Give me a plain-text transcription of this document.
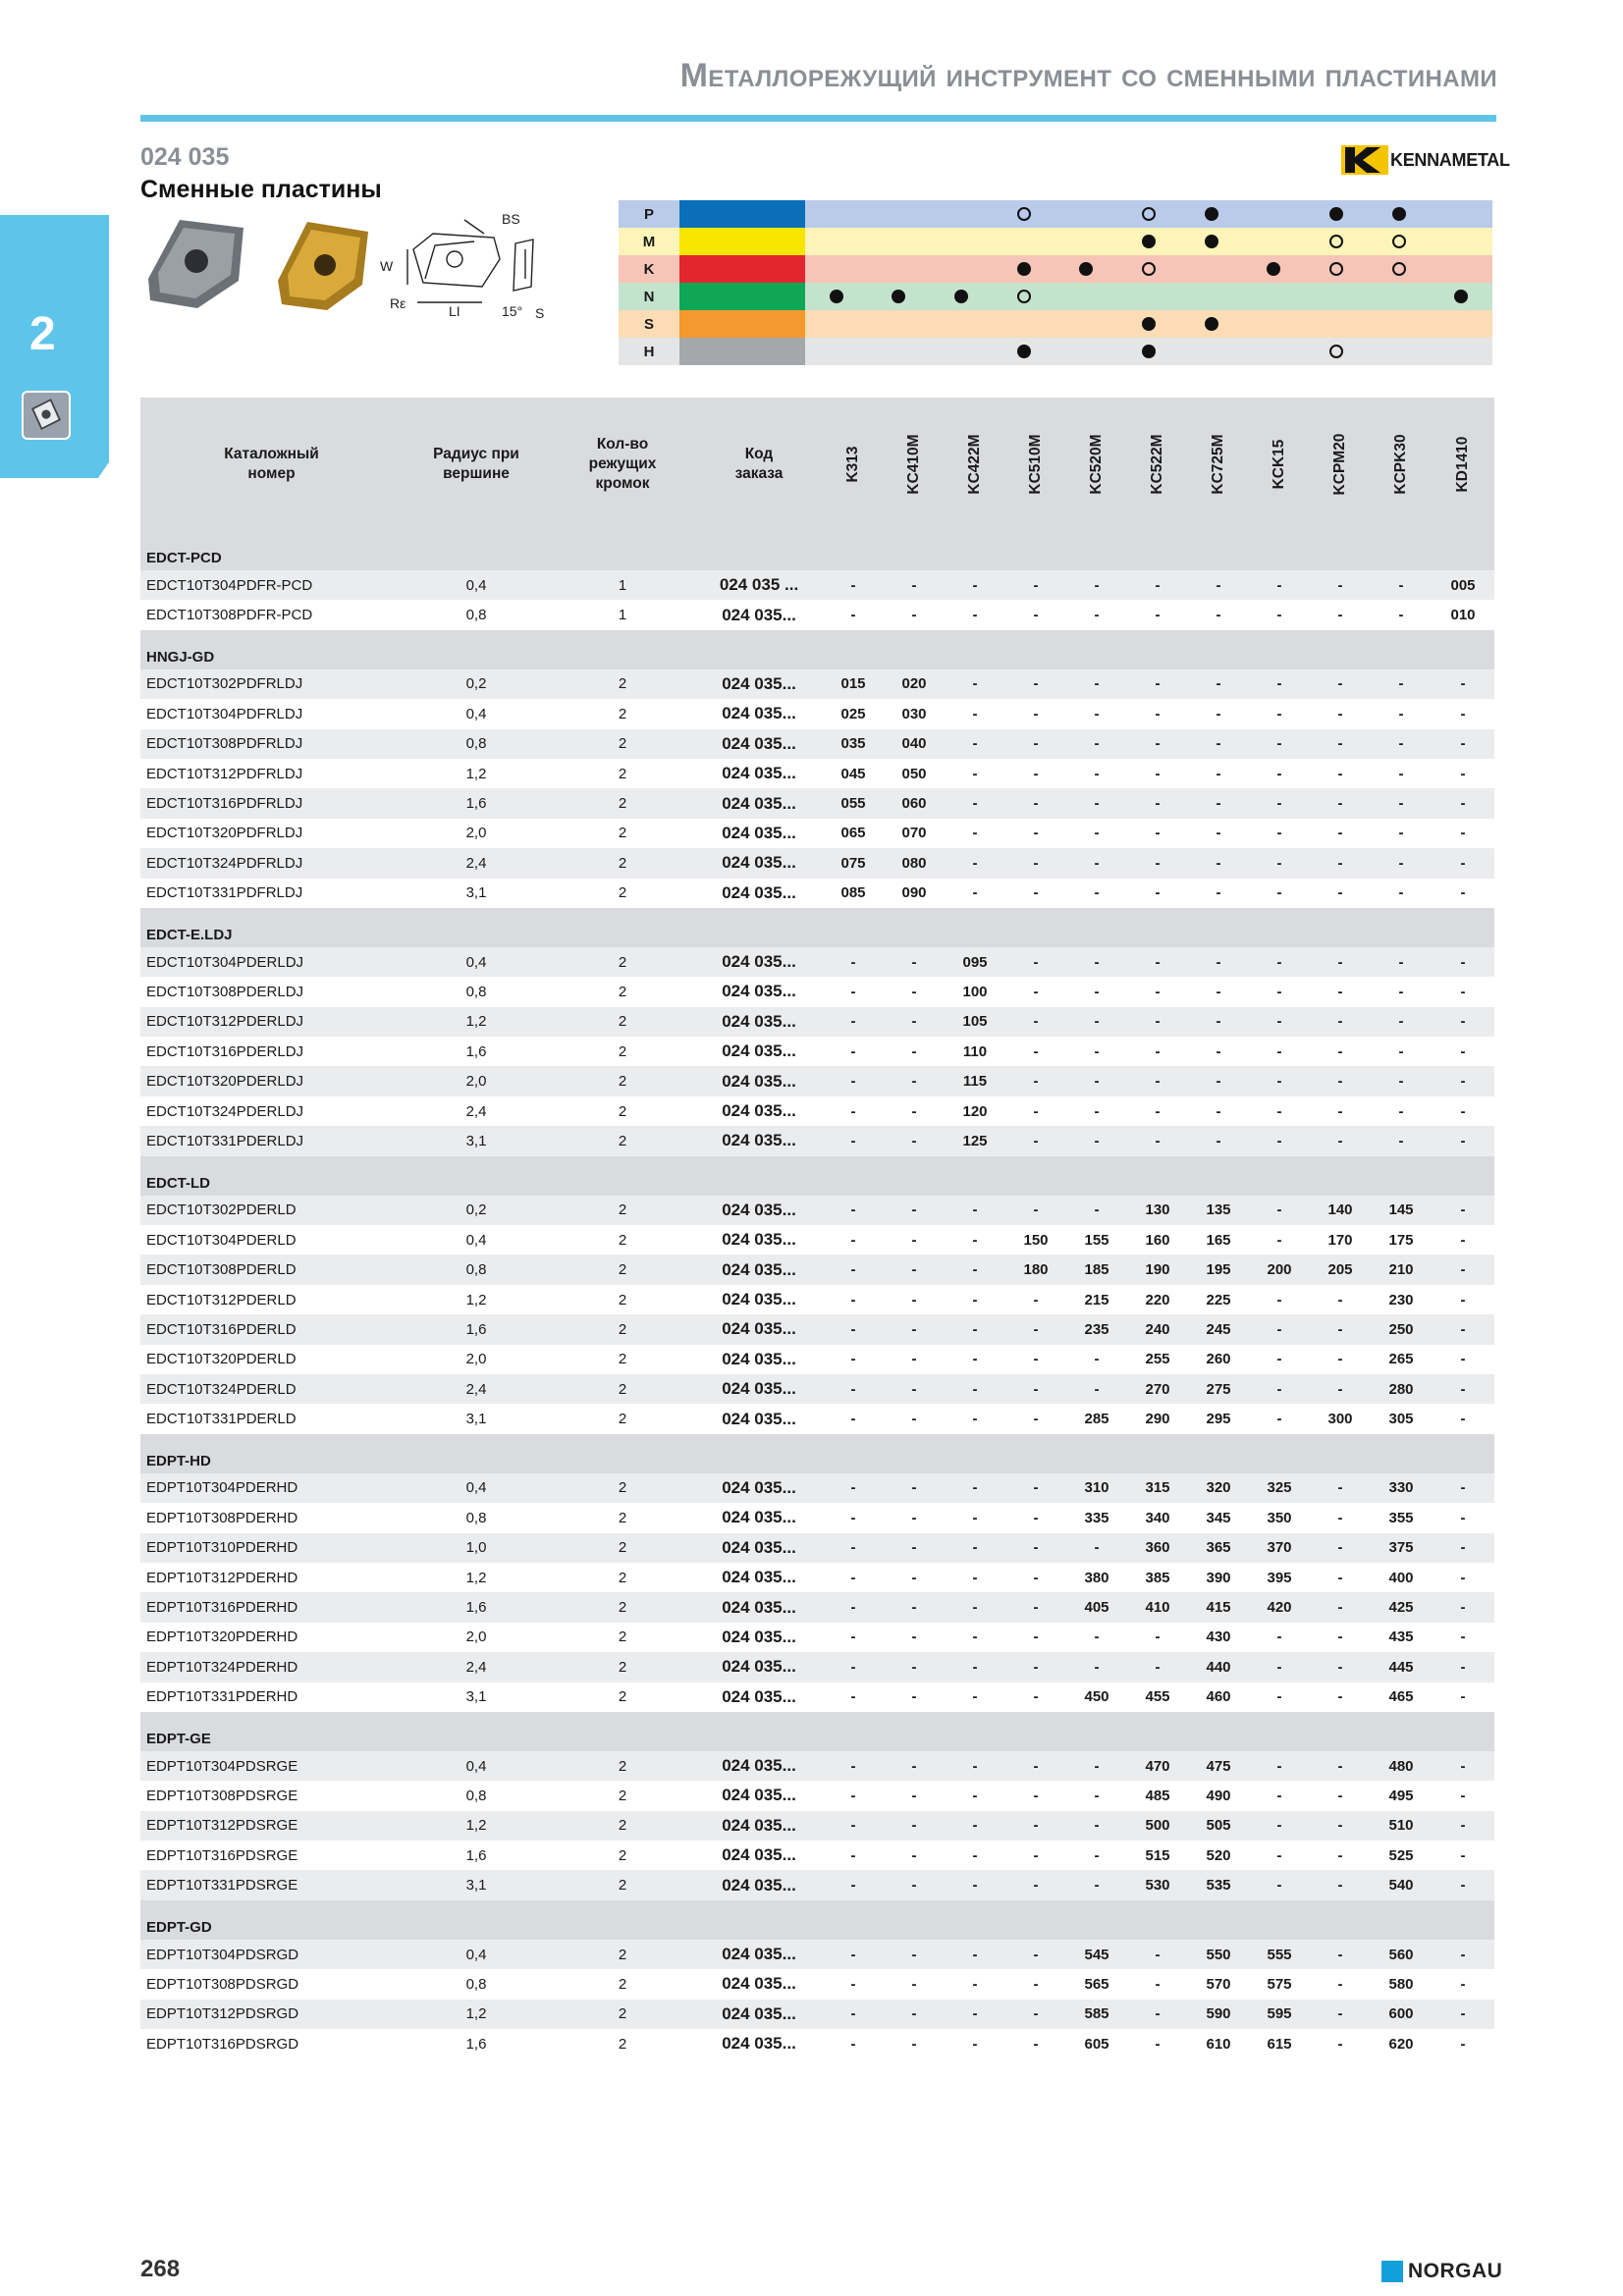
Металлорежущий инструмент со сменными пластинами
024 035
Сменные пластины
KENNAMETAL
2
BS
W
Rε	LI	15° S
P
M
K
N
S
H
Каталожный номер	Радиус при вершине	Кол-во режущих кромок	Код заказа	K313	KC410M	KC422M	KC510M	KC520M	KC522M	KC725M	KCK15	KCPM20	KCPK30	KD1410

EDCT-PCD														
EDCT10T304PDFR-PCD	0,4	1	024 035 ...	-	-	-	-	-	-	-	-	-	-	005
EDCT10T308PDFR-PCD	0,8	1	024 035...	-	-	-	-	-	-	-	-	-	-	010
HNGJ-GD														
EDCT10T302PDFRLDJ	0,2	2	024 035...	015	020	-	-	-	-	-	-	-	-	-
EDCT10T304PDFRLDJ	0,4	2	024 035...	025	030	-	-	-	-	-	-	-	-	-
EDCT10T308PDFRLDJ	0,8	2	024 035...	035	040	-	-	-	-	-	-	-	-	-
EDCT10T312PDFRLDJ	1,2	2	024 035...	045	050	-	-	-	-	-	-	-	-	-
EDCT10T316PDFRLDJ	1,6	2	024 035...	055	060	-	-	-	-	-	-	-	-	-
EDCT10T320PDFRLDJ	2,0	2	024 035...	065	070	-	-	-	-	-	-	-	-	-
EDCT10T324PDFRLDJ	2,4	2	024 035...	075	080	-	-	-	-	-	-	-	-	-
EDCT10T331PDFRLDJ	3,1	2	024 035...	085	090	-	-	-	-	-	-	-	-	-
EDCT-E.LDJ														
EDCT10T304PDERLDJ	0,4	2	024 035...	-	-	095	-	-	-	-	-	-	-	-
EDCT10T308PDERLDJ	0,8	2	024 035...	-	-	100	-	-	-	-	-	-	-	-
EDCT10T312PDERLDJ	1,2	2	024 035...	-	-	105	-	-	-	-	-	-	-	-
EDCT10T316PDERLDJ	1,6	2	024 035...	-	-	110	-	-	-	-	-	-	-	-
EDCT10T320PDERLDJ	2,0	2	024 035...	-	-	115	-	-	-	-	-	-	-	-
EDCT10T324PDERLDJ	2,4	2	024 035...	-	-	120	-	-	-	-	-	-	-	-
EDCT10T331PDERLDJ	3,1	2	024 035...	-	-	125	-	-	-	-	-	-	-	-
EDCT-LD														
EDCT10T302PDERLD	0,2	2	024 035...	-	-	-	-	-	130	135	-	140	145	-
EDCT10T304PDERLD	0,4	2	024 035...	-	-	-	150	155	160	165	-	170	175	-
EDCT10T308PDERLD	0,8	2	024 035...	-	-	-	180	185	190	195	200	205	210	-
EDCT10T312PDERLD	1,2	2	024 035...	-	-	-	-	215	220	225	-	-	230	-
EDCT10T316PDERLD	1,6	2	024 035...	-	-	-	-	235	240	245	-	-	250	-
EDCT10T320PDERLD	2,0	2	024 035...	-	-	-	-	-	255	260	-	-	265	-
EDCT10T324PDERLD	2,4	2	024 035...	-	-	-	-	-	270	275	-	-	280	-
EDCT10T331PDERLD	3,1	2	024 035...	-	-	-	-	285	290	295	-	300	305	-
EDPT-HD														
EDPT10T304PDERHD	0,4	2	024 035...	-	-	-	-	310	315	320	325	-	330	-
EDPT10T308PDERHD	0,8	2	024 035...	-	-	-	-	335	340	345	350	-	355	-
EDPT10T310PDERHD	1,0	2	024 035...	-	-	-	-	-	360	365	370	-	375	-
EDPT10T312PDERHD	1,2	2	024 035...	-	-	-	-	380	385	390	395	-	400	-
EDPT10T316PDERHD	1,6	2	024 035...	-	-	-	-	405	410	415	420	-	425	-
EDPT10T320PDERHD	2,0	2	024 035...	-	-	-	-	-	-	430	-	-	435	-
EDPT10T324PDERHD	2,4	2	024 035...	-	-	-	-	-	-	440	-	-	445	-
EDPT10T331PDERHD	3,1	2	024 035...	-	-	-	-	450	455	460	-	-	465	-
EDPT-GE														
EDPT10T304PDSRGE	0,4	2	024 035...	-	-	-	-	-	470	475	-	-	480	-
EDPT10T308PDSRGE	0,8	2	024 035...	-	-	-	-	-	485	490	-	-	495	-
EDPT10T312PDSRGE	1,2	2	024 035...	-	-	-	-	-	500	505	-	-	510	-
EDPT10T316PDSRGE	1,6	2	024 035...	-	-	-	-	-	515	520	-	-	525	-
EDPT10T331PDSRGE	3,1	2	024 035...	-	-	-	-	-	530	535	-	-	540	-
EDPT-GD														
EDPT10T304PDSRGD	0,4	2	024 035...	-	-	-	-	545	-	550	555	-	560	-
EDPT10T308PDSRGD	0,8	2	024 035...	-	-	-	-	565	-	570	575	-	580	-
EDPT10T312PDSRGD	1,2	2	024 035...	-	-	-	-	585	-	590	595	-	600	-
EDPT10T316PDSRGD	1,6	2	024 035...	-	-	-	-	605	-	610	615	-	620	-
268	NORGAU
